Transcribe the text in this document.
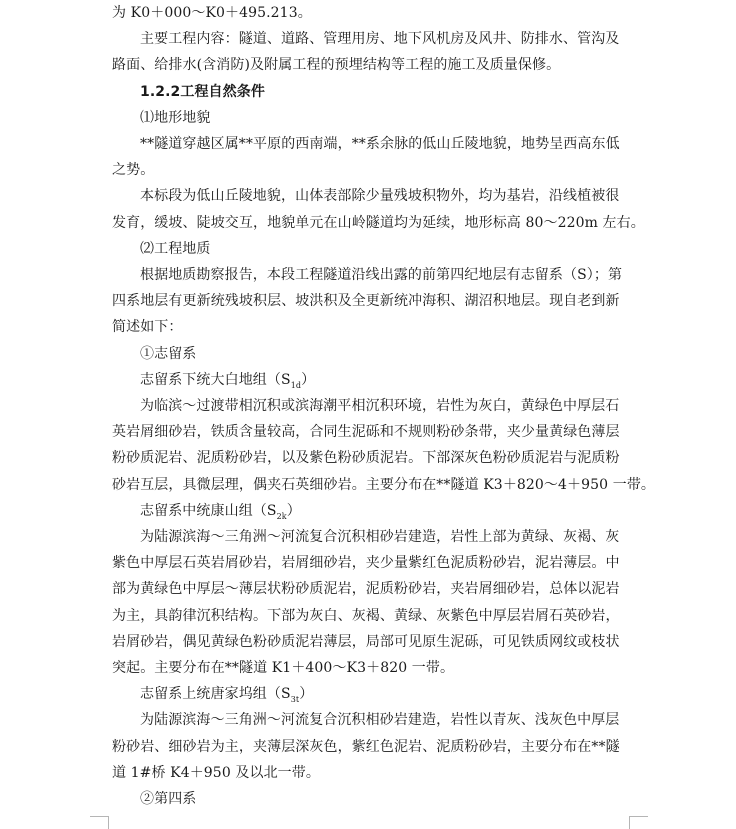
为 K0＋000～K0＋495.213。
主要工程内容：隧道、道路、管理用房、地下风机房及风井、防排水、管沟及
路面、给排水(含消防)及附属工程的预埋结构等工程的施工及质量保修。
1.2.2工程自然条件
⑴地形地貌
**隧道穿越区属**平原的西南端，**系余脉的低山丘陵地貌，地势呈西高东低
之势。
本标段为低山丘陵地貌，山体表部除少量残坡积物外，均为基岩，沿线植被很
发育，缓坡、陡坡交互，地貌单元在山岭隧道均为延续，地形标高 80～220m 左右。
⑵工程地质
根据地质勘察报告，本段工程隧道沿线出露的前第四纪地层有志留系（S）；第
四系地层有更新统残坡积层、坡洪积及全更新统冲海积、湖沼积地层。现自老到新
简述如下：
①志留系
志留系下统大白地组$(S_{1d})$
为临滨～过渡带相沉积或滨海潮平相沉积环境，岩性为灰白，黄绿色中厚层石
英岩屑细砂岩，铁质含量较高，合同生泥砾和不规则粉砂条带，夹少量黄绿色薄层
粉砂质泥岩、泥质粉砂岩，以及紫色粉砂质泥岩。下部深灰色粉砂质泥岩与泥质粉
砂岩互层，具微层理，偶夹石英细砂岩。主要分布在**隧道 K3＋820～4＋950 一带。
志留系中统康山组$(S_{2k})$
为陆源滨海～三角洲～河流复合沉积相砂岩建造，岩性上部为黄绿、灰褐、灰
紫色中厚层石英岩屑砂岩，岩屑细砂岩，夹少量紫红色泥质粉砂岩，泥岩薄层。中
部为黄绿色中厚层～薄层状粉砂质泥岩，泥质粉砂岩，夹岩屑细砂岩，总体以泥岩
为主，具韵律沉积结构。下部为灰白、灰褐、黄绿、灰紫色中厚层岩屑石英砂岩，
岩屑砂岩，偶见黄绿色粉砂质泥岩薄层，局部可见原生泥砾，可见铁质网纹或枝状
突起。主要分布在**隧道 K1＋400～K3＋820 一带。
志留系上统唐家坞组$(S_{3t})$
为陆源滨海～三角洲～河流复合沉积相砂岩建造，岩性以青灰、浅灰色中厚层
粉砂岩、细砂岩为主，夹薄层深灰色，紫红色泥岩、泥质粉砂岩，主要分布在**隧
道 1#桥 K4＋950 及以北一带。
②第四系
